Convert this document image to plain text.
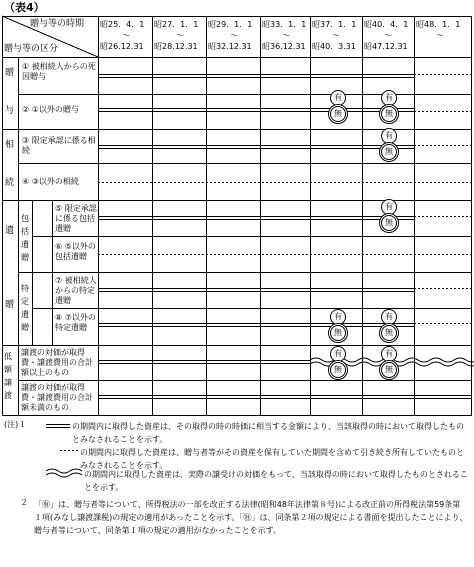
（表4）
贈与等の時期
贈与等の区分
昭25．4．1
～
昭26.12.31
昭27．1．1
～
昭28.12.31
昭29．1．1
～
昭32.12.31
昭33．1．1
～
昭36.12.31
昭37．1．1
～
昭40．3.31
昭40．4．1
～
昭47.12.31
昭48．1．1
～
贈
与
相
続
遺
贈
低額譲渡
包括遺贈
特定遺贈
① 被相続人からの死因贈与
② ①以外の贈与
③ 限定承認に係る相続
④ ③以外の相続
⑤ 限定承認に係る包括遺贈
⑥ ⑤以外の包括遺贈
⑦ 被相続人からの特定遺贈
⑧ ⑦以外の特定遺贈
譲渡の対価が取得費・譲渡費用の合計額以上のもの
譲渡の対価が取得費・譲渡費用の合計額未満のもの
有
無
有
無
有
無
有
無
有
無
有
無
有
無
有
無
(注)１	の期間内に取得した資産は、その取得の時の時価に相当する金額により、当該取得の時において取得したものとみなされることを示す。
の期間内に取得した資産は、贈与者等がその資産を保有していた期間を含めて引き続き所有していたものとみなされることを示す。
の期間内に取得した資産は、実際の譲受けの対価をもって、当該取得の時において取得したものとされることを示す。
２ 「㊒」は、贈与者等について、所得税法の一部を改正する法律(昭和48年法律第８号)による改正前の所得税法第59条第１項(みなし譲渡課税)の規定の適用があったことを示す。「㊓」は、同条第２項の規定による書面を提出したことにより、贈与者等について、同条第１項の規定の適用がなかったことを示す。
